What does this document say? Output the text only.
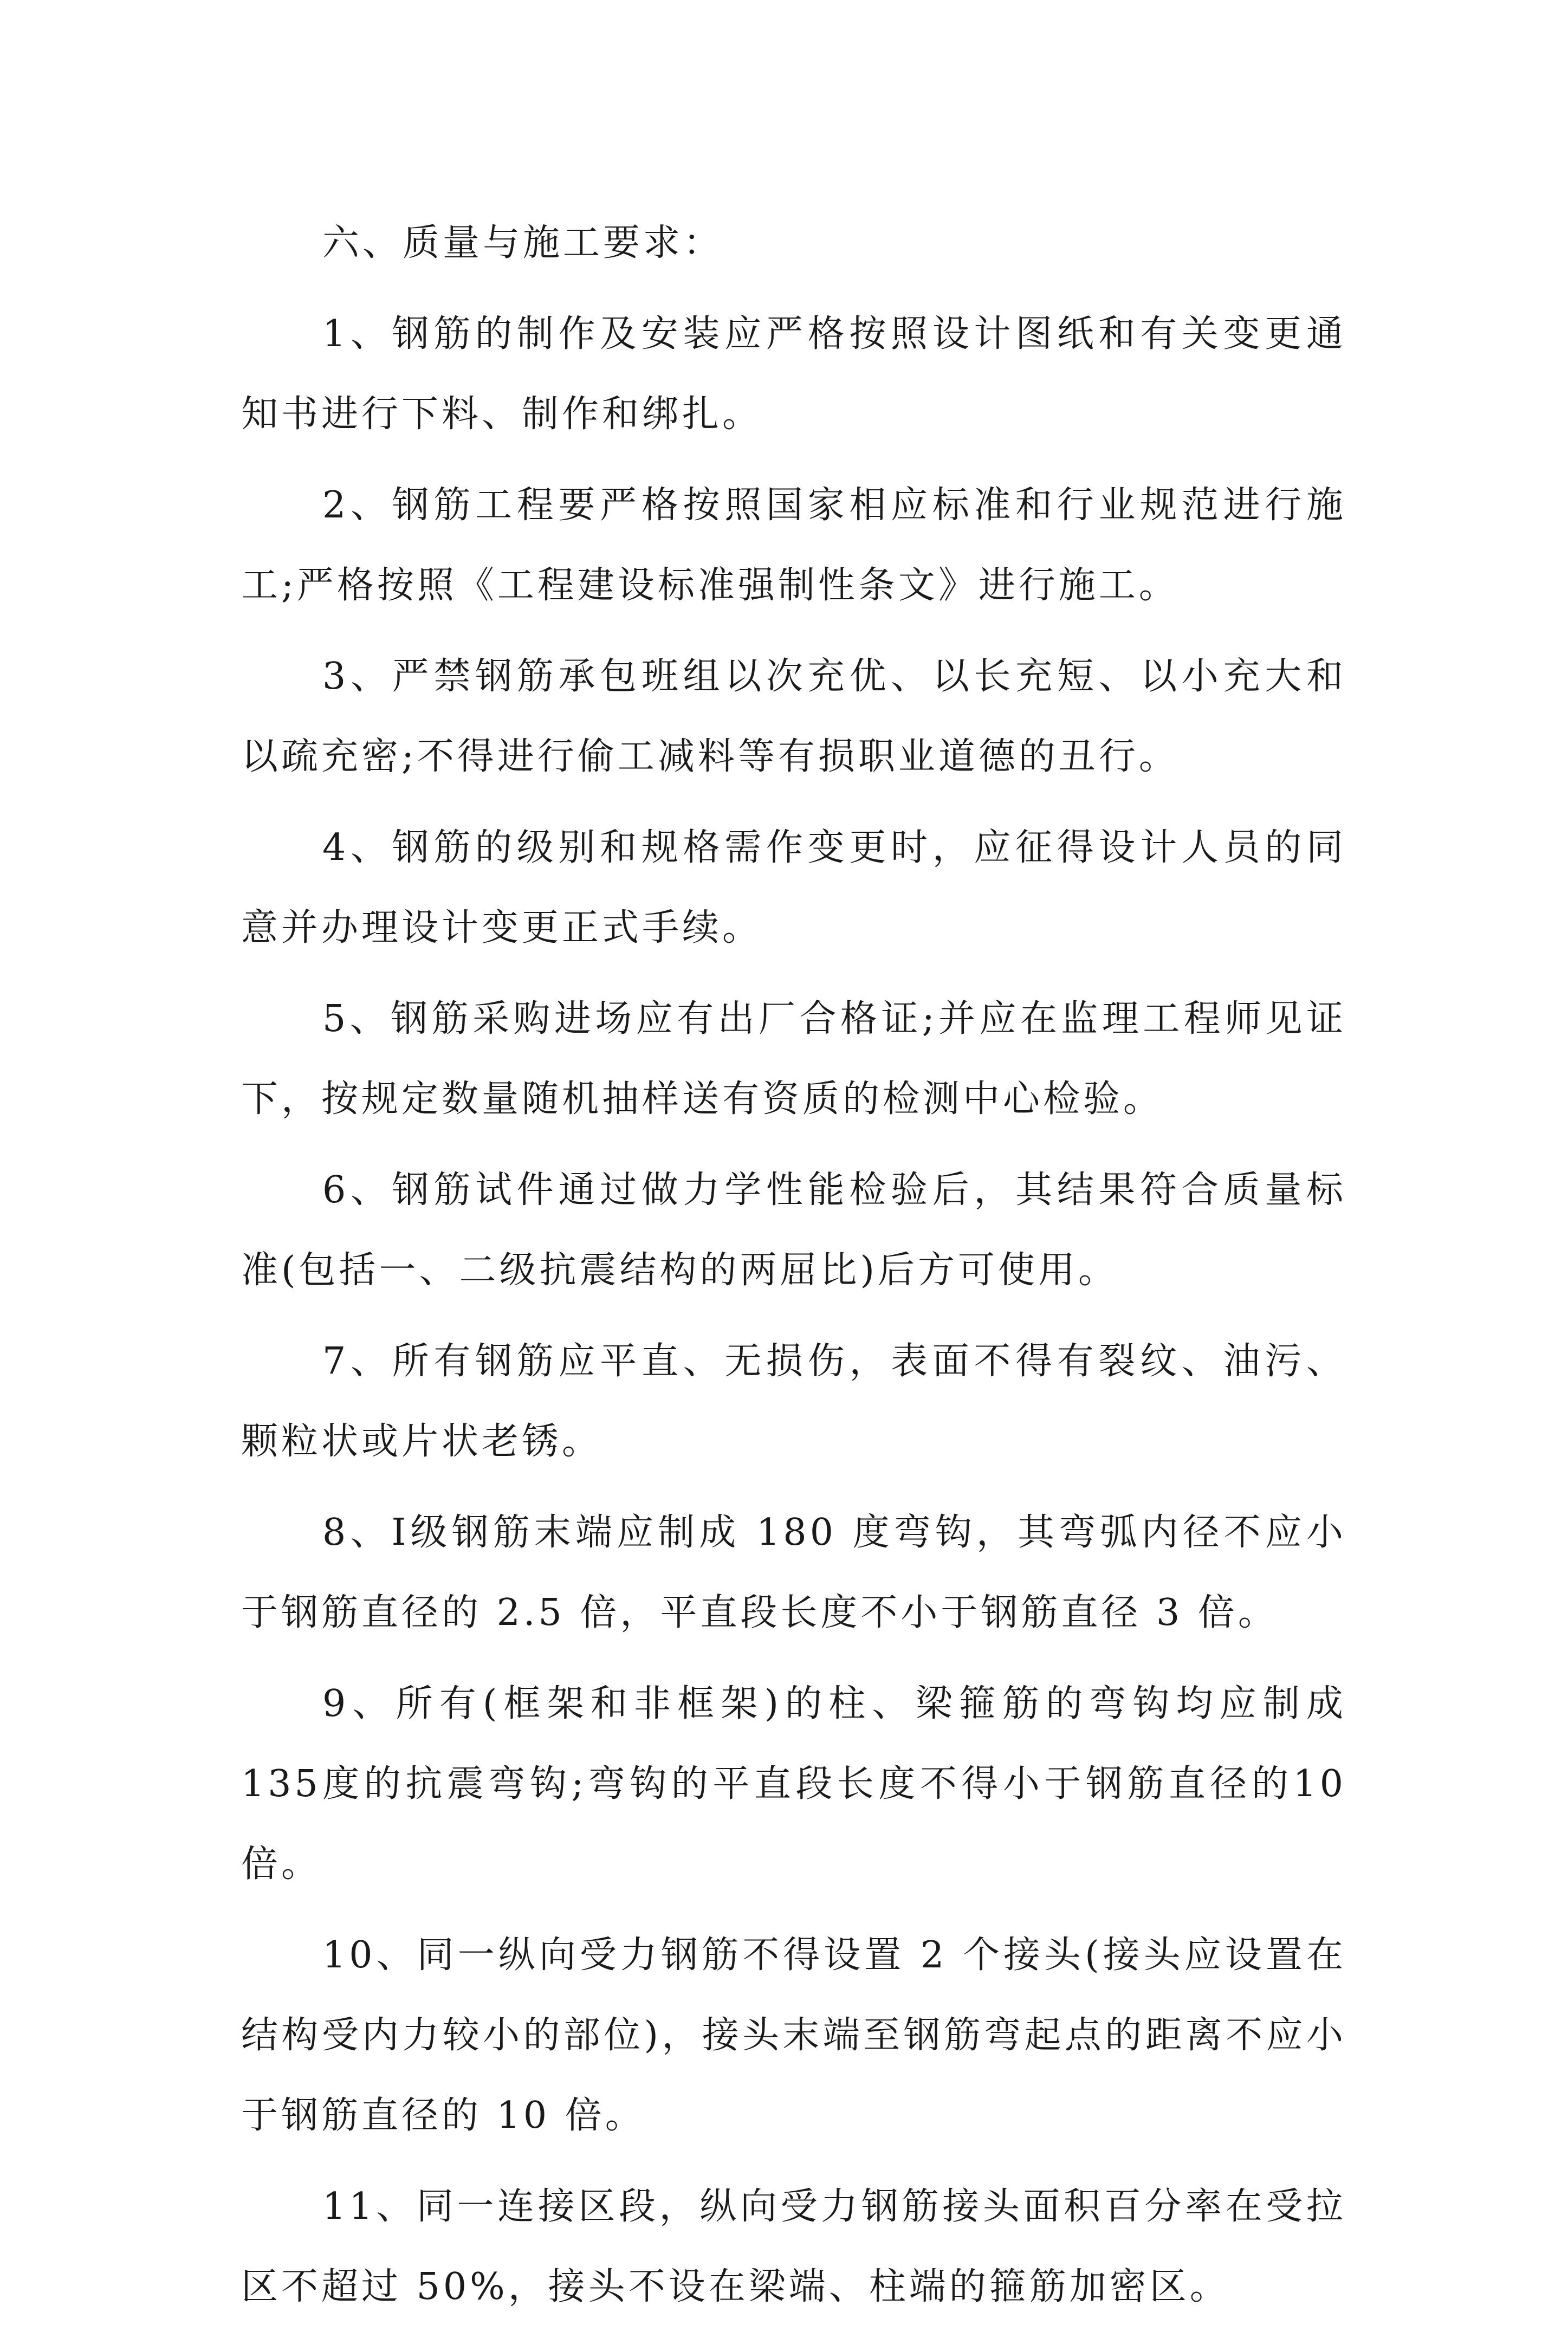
六、质量与施工要求：

1、钢筋的制作及安装应严格按照设计图纸和有关变更通知书进行下料、制作和绑扎。

2、钢筋工程要严格按照国家相应标准和行业规范进行施工;严格按照《工程建设标准强制性条文》进行施工。

3、严禁钢筋承包班组以次充优、以长充短、以小充大和以疏充密;不得进行偷工减料等有损职业道德的丑行。

4、钢筋的级别和规格需作变更时，应征得设计人员的同意并办理设计变更正式手续。

5、钢筋采购进场应有出厂合格证;并应在监理工程师见证下，按规定数量随机抽样送有资质的检测中心检验。

6、钢筋试件通过做力学性能检验后，其结果符合质量标准(包括一、二级抗震结构的两屈比)后方可使用。

7、所有钢筋应平直、无损伤，表面不得有裂纹、油污、颗粒状或片状老锈。

8、Ⅰ级钢筋末端应制成 180 度弯钩，其弯弧内径不应小于钢筋直径的 2.5 倍，平直段长度不小于钢筋直径 3 倍。

9、所有(框架和非框架)的柱、梁箍筋的弯钩均应制成135度的抗震弯钩;弯钩的平直段长度不得小于钢筋直径的10倍。

10、同一纵向受力钢筋不得设置 2 个接头(接头应设置在结构受内力较小的部位)，接头末端至钢筋弯起点的距离不应小于钢筋直径的 10 倍。

11、同一连接区段，纵向受力钢筋接头面积百分率在受拉区不超过 50%，接头不设在梁端、柱端的箍筋加密区。
